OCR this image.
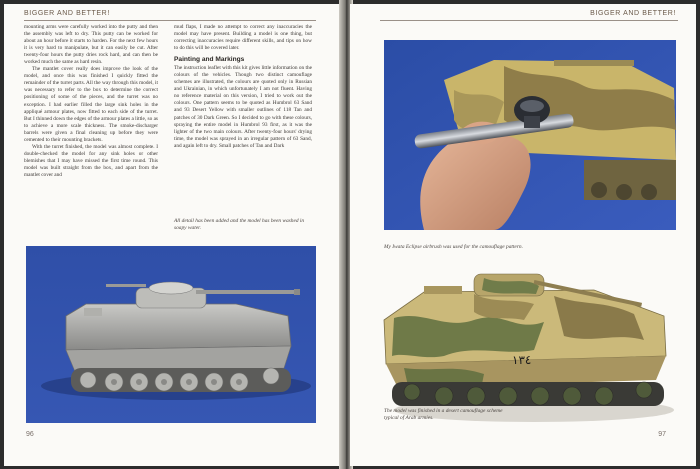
BIGGER AND BETTER!

mounting arms were carefully worked into the putty and then the assembly was left to dry. This putty can be worked for about an hour before it starts to harden. For the next few hours it is very hard to manipulate, but it can easily be cut. After twenty-four hours the putty dries rock hard, and can then be worked much the same as hard resin.

The mantlet cover really does improve the look of the model, and once this was finished I quickly fitted the remainder of the turret parts. All the way through this model, it was necessary to refer to the box to determine the correct positioning of some of the pieces, and the turret was no exception. I had earlier filled the large sink holes in the appliqué armour plates, now fitted to each side of the turret. But I thinned down the edges of the armour plates a little, so as to achieve a more scale thickness. The smoke-discharger barrels were given a final cleaning up before they were cemented to their mounting brackets.

With the turret finished, the model was almost complete. I double-checked the model for any sink holes or other blemishes that I may have missed the first time round. This model was built straight from the box, and apart from the mantlet cover and

mud flaps, I made no attempt to correct any inaccuracies the model may have present. Building a model is one thing, but correcting inaccuracies require different skills, and tips on how to do this will be covered later.

Painting and Markings

The instruction leaflet with this kit gives little information on the colours of the vehicles. Though two distinct camouflage schemes are illustrated, the colours are quoted only in Russian and Ukrainian, in which unfortunately I am not fluent. Having no reference material on this version, I tried to work out the colours. One pattern seems to be quoted as Humbrol 63 Sand and 93 Desert Yellow with smaller outlines of 118 Tan and patches of 30 Dark Green. So I decided to go with these colours, spraying the entire model in Humbrol 93 first, as it was the lighter of the two main colours. After twenty-four hours' drying time, the model was sprayed in an irregular pattern of 63 Sand, and again left to dry. Small patches of Tan and Dark

All detail has been added and the model has been washed in soapy water.
96
BIGGER AND BETTER!
My Iwata Eclipse airbrush was used for the camouflage pattern.
١٣٤
The model was finished in a desert camouflage scheme typical of Arab armies.
97
